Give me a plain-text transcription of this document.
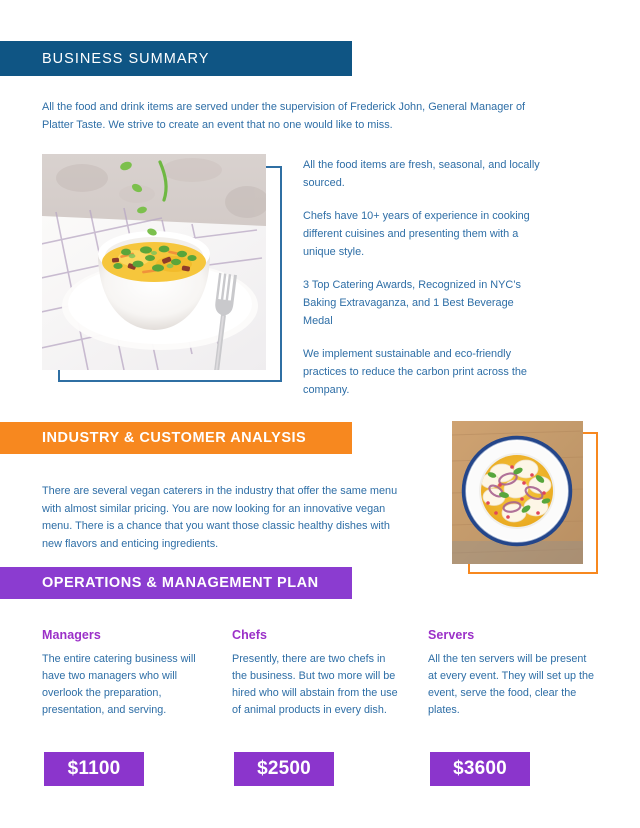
BUSINESS SUMMARY
All the food and drink items are served under the supervision of Frederick John, General Manager of Platter Taste. We strive to create an event that no one would like to miss.
All the food items are fresh, seasonal, and locally sourced.
Chefs have 10+ years of experience in cooking different cuisines and presenting them with a unique style.
3 Top Catering Awards, Recognized in NYC’s Baking Extravaganza, and 1 Best Beverage Medal
We implement sustainable and eco-friendly practices to reduce the carbon print across the company.
INDUSTRY & CUSTOMER ANALYSIS
There are several vegan caterers in the industry that offer the same menu with almost similar pricing. You are now looking for an innovative vegan menu. There is a chance that you want those classic healthy dishes with new flavors and enticing ingredients.
OPERATIONS & MANAGEMENT PLAN

Managers

The entire catering business will have two managers who will overlook the preparation, presentation, and serving.

Chefs

Presently, there are two chefs in the business. But two more will be hired who will abstain from the use of animal products in every dish.

Servers

All the ten servers will be present at every event. They will set up the event, serve the food, clear the plates.

$1100	$2500	$3600
